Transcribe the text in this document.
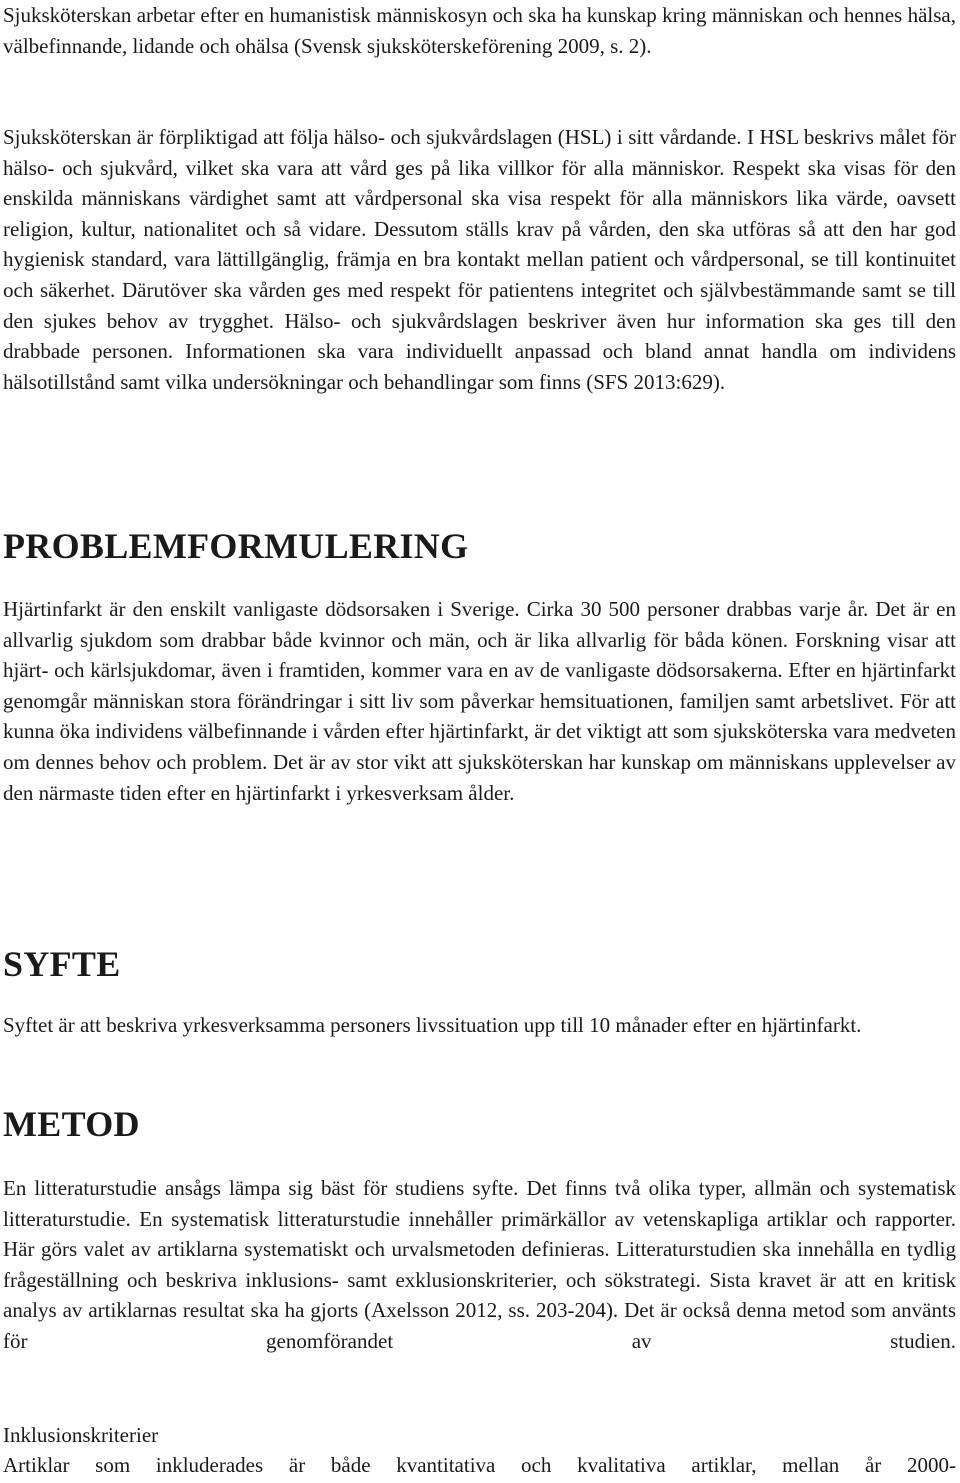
Sjuksköterskan arbetar efter en humanistisk människosyn och ska ha kunskap kring människan och hennes hälsa, välbefinnande, lidande och ohälsa (Svensk sjuksköterskeförening 2009, s. 2).

Sjuksköterskan är förpliktigad att följa hälso- och sjukvårdslagen (HSL) i sitt vårdande. I HSL beskrivs målet för hälso- och sjukvård, vilket ska vara att vård ges på lika villkor för alla människor. Respekt ska visas för den enskilda människans värdighet samt att vårdpersonal ska visa respekt för alla människors lika värde, oavsett religion, kultur, nationalitet och så vidare. Dessutom ställs krav på vården, den ska utföras så att den har god hygienisk standard, vara lättillgänglig, främja en bra kontakt mellan patient och vårdpersonal, se till kontinuitet och säkerhet. Därutöver ska vården ges med respekt för patientens integritet och självbestämmande samt se till den sjukes behov av trygghet. Hälso- och sjukvårdslagen beskriver även hur information ska ges till den drabbade personen. Informationen ska vara individuellt anpassad och bland annat handla om individens hälsotillstånd samt vilka undersökningar och behandlingar som finns (SFS 2013:629).

PROBLEMFORMULERING

Hjärtinfarkt är den enskilt vanligaste dödsorsaken i Sverige. Cirka 30 500 personer drabbas varje år. Det är en allvarlig sjukdom som drabbar både kvinnor och män, och är lika allvarlig för båda könen. Forskning visar att hjärt- och kärlsjukdomar, även i framtiden, kommer vara en av de vanligaste dödsorsakerna. Efter en hjärtinfarkt genomgår människan stora förändringar i sitt liv som påverkar hemsituationen, familjen samt arbetslivet. För att kunna öka individens välbefinnande i vården efter hjärtinfarkt, är det viktigt att som sjuksköterska vara medveten om dennes behov och problem. Det är av stor vikt att sjuksköterskan har kunskap om människans upplevelser av den närmaste tiden efter en hjärtinfarkt i yrkesverksam ålder.

SYFTE

Syftet är att beskriva yrkesverksamma personers livssituation upp till 10 månader efter en hjärtinfarkt.

METOD

En litteraturstudie ansågs lämpa sig bäst för studiens syfte. Det finns två olika typer, allmän och systematisk litteraturstudie. En systematisk litteraturstudie innehåller primärkällor av vetenskapliga artiklar och rapporter. Här görs valet av artiklarna systematiskt och urvalsmetoden definieras. Litteraturstudien ska innehålla en tydlig frågeställning och beskriva inklusions- samt exklusionskriterier, och sökstrategi. Sista kravet är att en kritisk analys av artiklarnas resultat ska ha gjorts (Axelsson 2012, ss. 203-204). Det är också denna metod som använts för genomförandet av studien.

Inklusionskriterier

Artiklar som inkluderades är både kvantitativa och kvalitativa artiklar, mellan år 2000-
